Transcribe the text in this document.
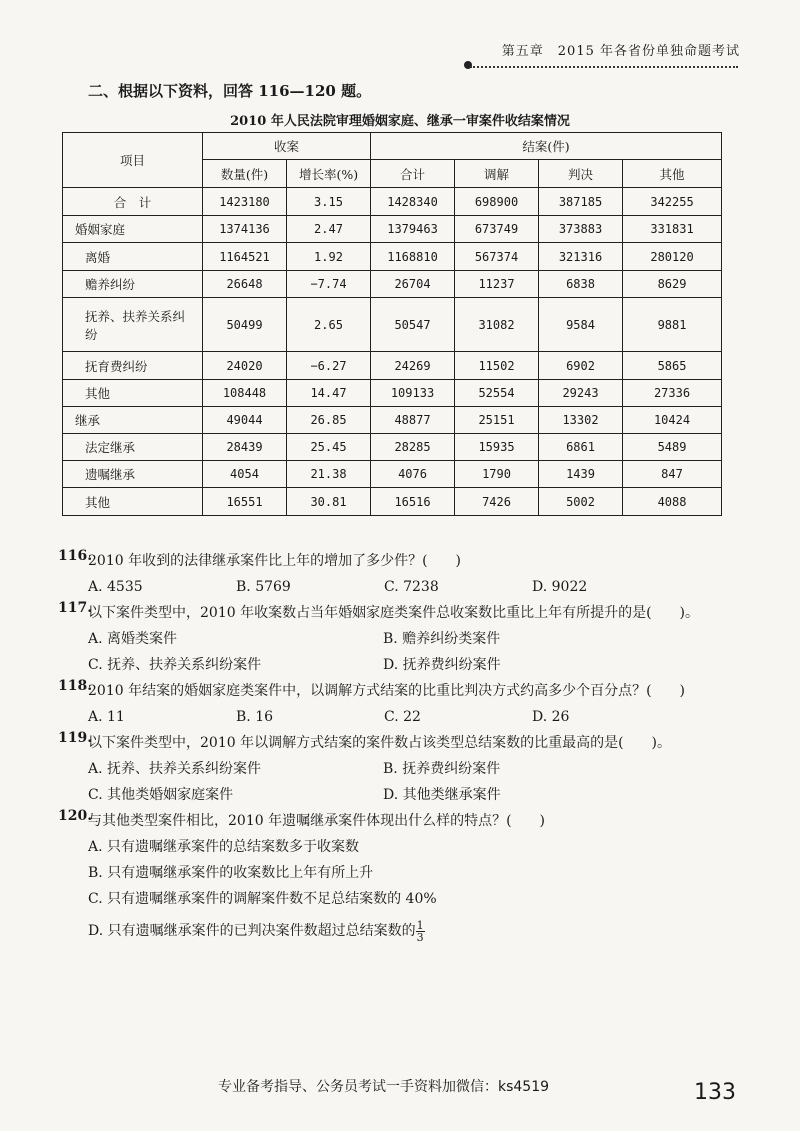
第五章　2015 年各省份单独命题考试
二、根据以下资料，回答 116—120 题。
2010 年人民法院审理婚姻家庭、继承一审案件收结案情况
项目	收案		结案(件)			
	数量(件)	增长率(%)	合计	调解	判决	其他
合　计	1423180	3.15	1428340	698900	387185	342255
婚姻家庭	1374136	2.47	1379463	673749	373883	331831
离婚	1164521	1.92	1168810	567374	321316	280120
赡养纠纷	26648	−7.74	26704	11237	6838	8629
抚养、扶养关系纠纷	50499	2.65	50547	31082	9584	9881
抚育费纠纷	24020	−6.27	24269	11502	6902	5865
其他	108448	14.47	109133	52554	29243	27336
继承	49044	26.85	48877	25151	13302	10424
法定继承	28439	25.45	28285	15935	6861	5489
遗嘱继承	4054	21.38	4076	1790	1439	847
其他	16551	30.81	16516	7426	5002	4088
116.
2010 年收到的法律继承案件比上年的增加了多少件？(　　)
A. 4535	B. 5769	C. 7238	D. 9022
117.
以下案件类型中，2010 年收案数占当年婚姻家庭类案件总收案数比重比上年有所提升的是(　　)。
A. 离婚类案件	B. 赡养纠纷类案件
C. 抚养、扶养关系纠纷案件	D. 抚养费纠纷案件
118.
2010 年结案的婚姻家庭类案件中，以调解方式结案的比重比判决方式约高多少个百分点？(　　)
A. 11	B. 16	C. 22	D. 26
119.
以下案件类型中，2010 年以调解方式结案的案件数占该类型总结案数的比重最高的是(　　)。
A. 抚养、扶养关系纠纷案件	B. 抚养费纠纷案件
C. 其他类婚姻家庭案件	D. 其他类继承案件
120.
与其他类型案件相比，2010 年遗嘱继承案件体现出什么样的特点？(　　)
A. 只有遗嘱继承案件的总结案数多于收案数
B. 只有遗嘱继承案件的收案数比上年有所上升
C. 只有遗嘱继承案件的调解案件数不足总结案数的 40%
D. 只有遗嘱继承案件的已判决案件数超过总结案数的 $\frac{1}{3}$
专业备考指导、公务员考试一手资料加微信：ks4519	133
